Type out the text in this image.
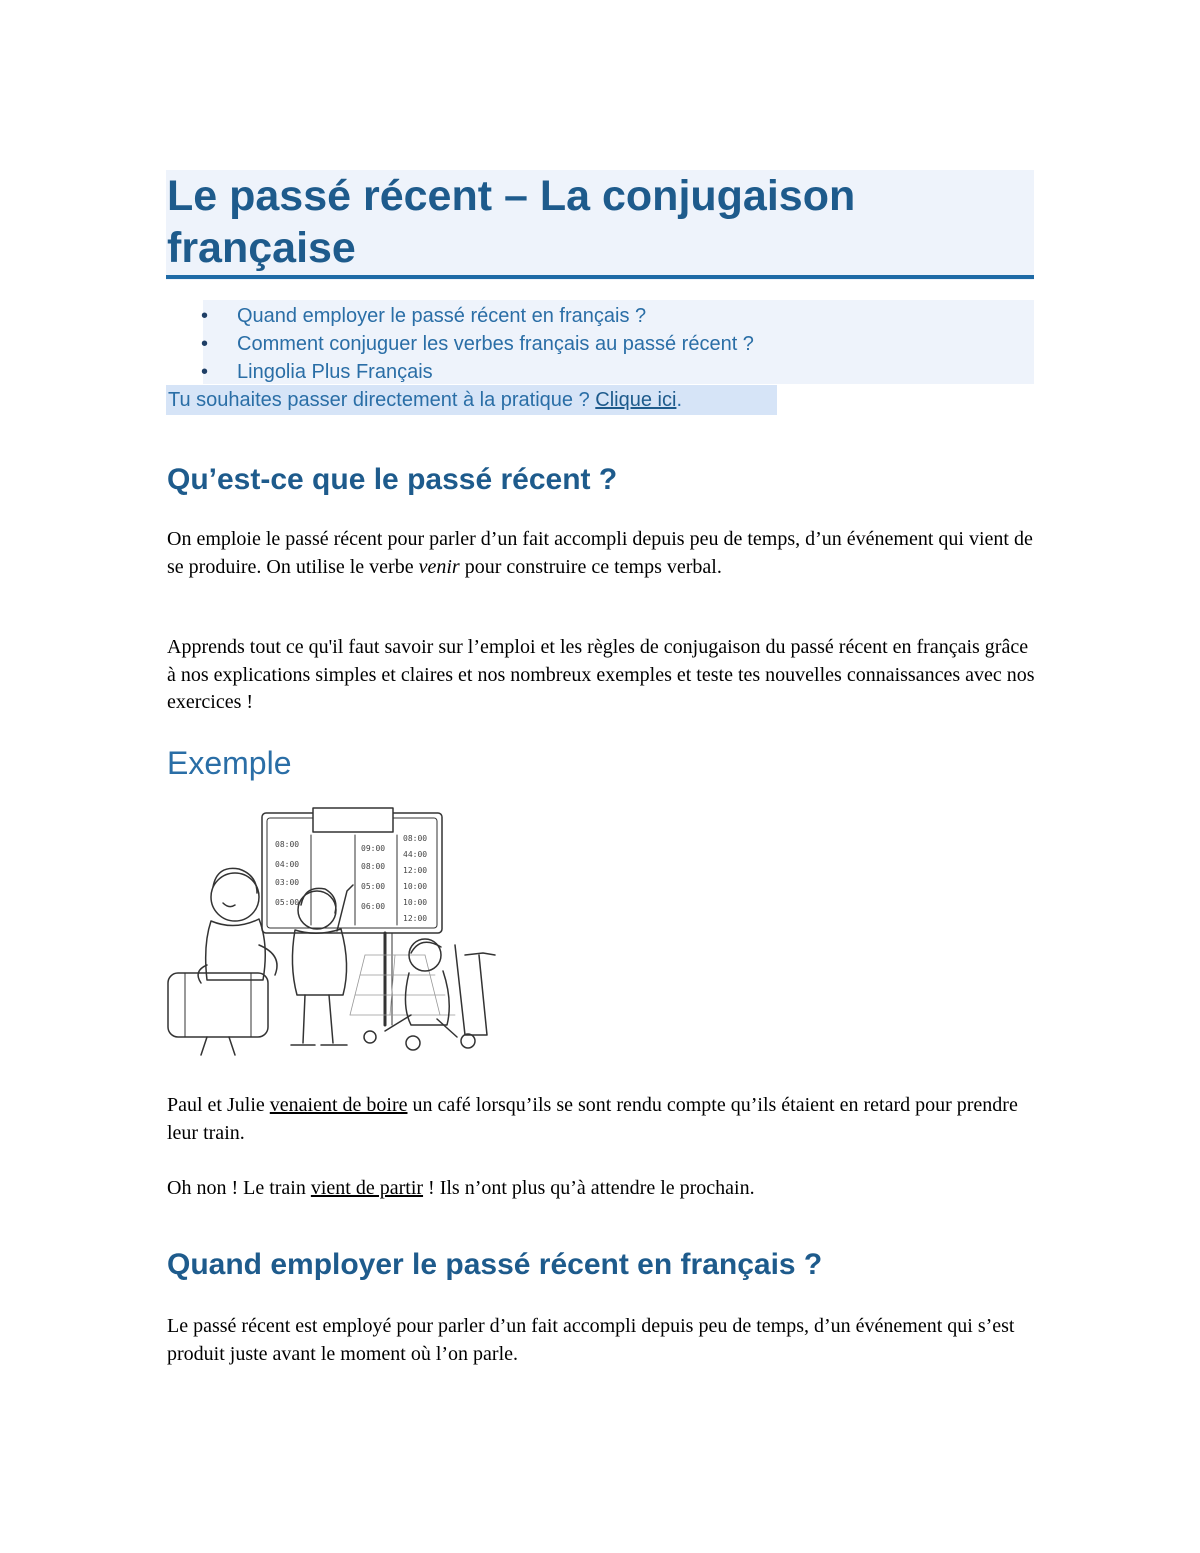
Le passé récent – La conjugaison française
• Quand employer le passé récent en français ?
• Comment conjuguer les verbes français au passé récent ?
• Lingolia Plus Français
Tu souhaites passer directement à la pratique ? Clique ici.
Qu’est-ce que le passé récent ?

On emploie le passé récent pour parler d’un fait accompli depuis peu de temps, d’un événement qui vient de se produire. On utilise le verbe venir pour construire ce temps verbal.

Apprends tout ce qu'il faut savoir sur l’emploi et les règles de conjugaison du passé récent en français grâce à nos explications simples et claires et nos nombreux exemples et teste tes nouvelles connaissances avec nos exercices !

Exemple
08:00
04:00
03:00
05:00
09:00
08:00
05:00
06:00
08:00
44:00
12:00
10:00
10:00
12:00

Paul et Julie venaient de boire un café lorsqu’ils se sont rendu compte qu’ils étaient en retard pour prendre leur train.

Oh non ! Le train vient de partir ! Ils n’ont plus qu’à attendre le prochain.

Quand employer le passé récent en français ?

Le passé récent est employé pour parler d’un fait accompli depuis peu de temps, d’un événement qui s’est produit juste avant le moment où l’on parle.
